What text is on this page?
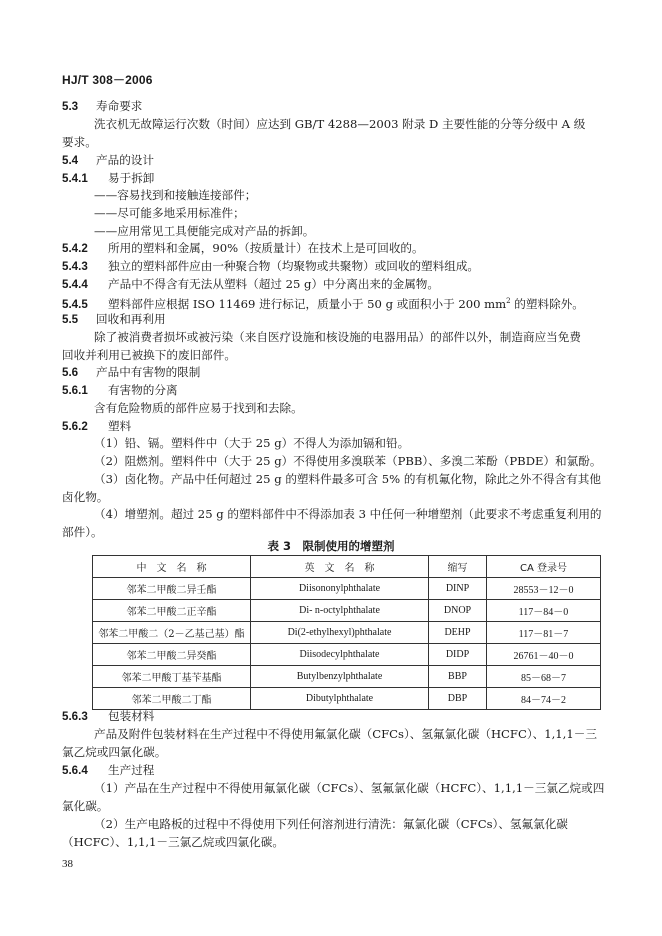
HJ/T 308－2006
5.3 寿命要求
洗衣机无故障运行次数（时间）应达到 GB/T 4288—2003 附录 D 主要性能的分等分级中 A 级
要求。
5.4 产品的设计
5.4.1 易于拆卸
——容易找到和接触连接部件；
——尽可能多地采用标准件；
——应用常见工具便能完成对产品的拆卸。
5.4.2 所用的塑料和金属，90%（按质量计）在技术上是可回收的。
5.4.3 独立的塑料部件应由一种聚合物（均聚物或共聚物）或回收的塑料组成。
5.4.4 产品中不得含有无法从塑料（超过 25 g）中分离出来的金属物。
5.4.5 塑料部件应根据 ISO 11469 进行标记，质量小于 50 g 或面积小于 200 $mm^2$ 的塑料除外。
5.5 回收和再利用
除了被消费者损坏或被污染（来自医疗设施和核设施的电器用品）的部件以外，制造商应当免费
回收并利用已被换下的废旧部件。
5.6 产品中有害物的限制
5.6.1 有害物的分离
含有危险物质的部件应易于找到和去除。
5.6.2 塑料
（1）铅、镉。塑料件中（大于 25 g）不得人为添加镉和铅。
（2）阻燃剂。塑料件中（大于 25 g）不得使用多溴联苯（PBB）、多溴二苯酚（PBDE）和氯酚。
（3）卤化物。产品中任何超过 25 g 的塑料件最多可含 5% 的有机氟化物，除此之外不得含有其他
卤化物。
（4）增塑剂。超过 25 g 的塑料部件中不得添加表 3 中任何一种增塑剂（此要求不考虑重复利用的
部件）。
表 3　限制使用的增塑剂
中　文　名　称	英　文　名　称	缩写	CA 登录号
邻苯二甲酸二异壬酯	Diisononylphthalate	DINP	28553－12－0
邻苯二甲酸二正辛酯	Di- n-octylphthalate	DNOP	117－84－0
邻苯二甲酸二（2－乙基己基）酯	Di(2-ethylhexyl)phthalate	DEHP	117－81－7
邻苯二甲酸二异癸酯	Diisodecylphthalate	DIDP	26761－40－0
邻苯二甲酸丁基苄基酯	Butylbenzylphthalate	BBP	85－68－7
邻苯二甲酸二丁酯	Dibutylphthalate	DBP	84－74－2
5.6.3 包装材料
产品及附件包装材料在生产过程中不得使用氟氯化碳（CFCs）、氢氟氯化碳（HCFC）、1,1,1－三
氯乙烷或四氯化碳。
5.6.4 生产过程
（1）产品在生产过程中不得使用氟氯化碳（CFCs）、氢氟氯化碳（HCFC）、1,1,1－三氯乙烷或四
氯化碳。
（2）生产电路板的过程中不得使用下列任何溶剂进行清洗：氟氯化碳（CFCs）、氢氟氯化碳
（HCFC）、1,1,1－三氯乙烷或四氯化碳。
38
